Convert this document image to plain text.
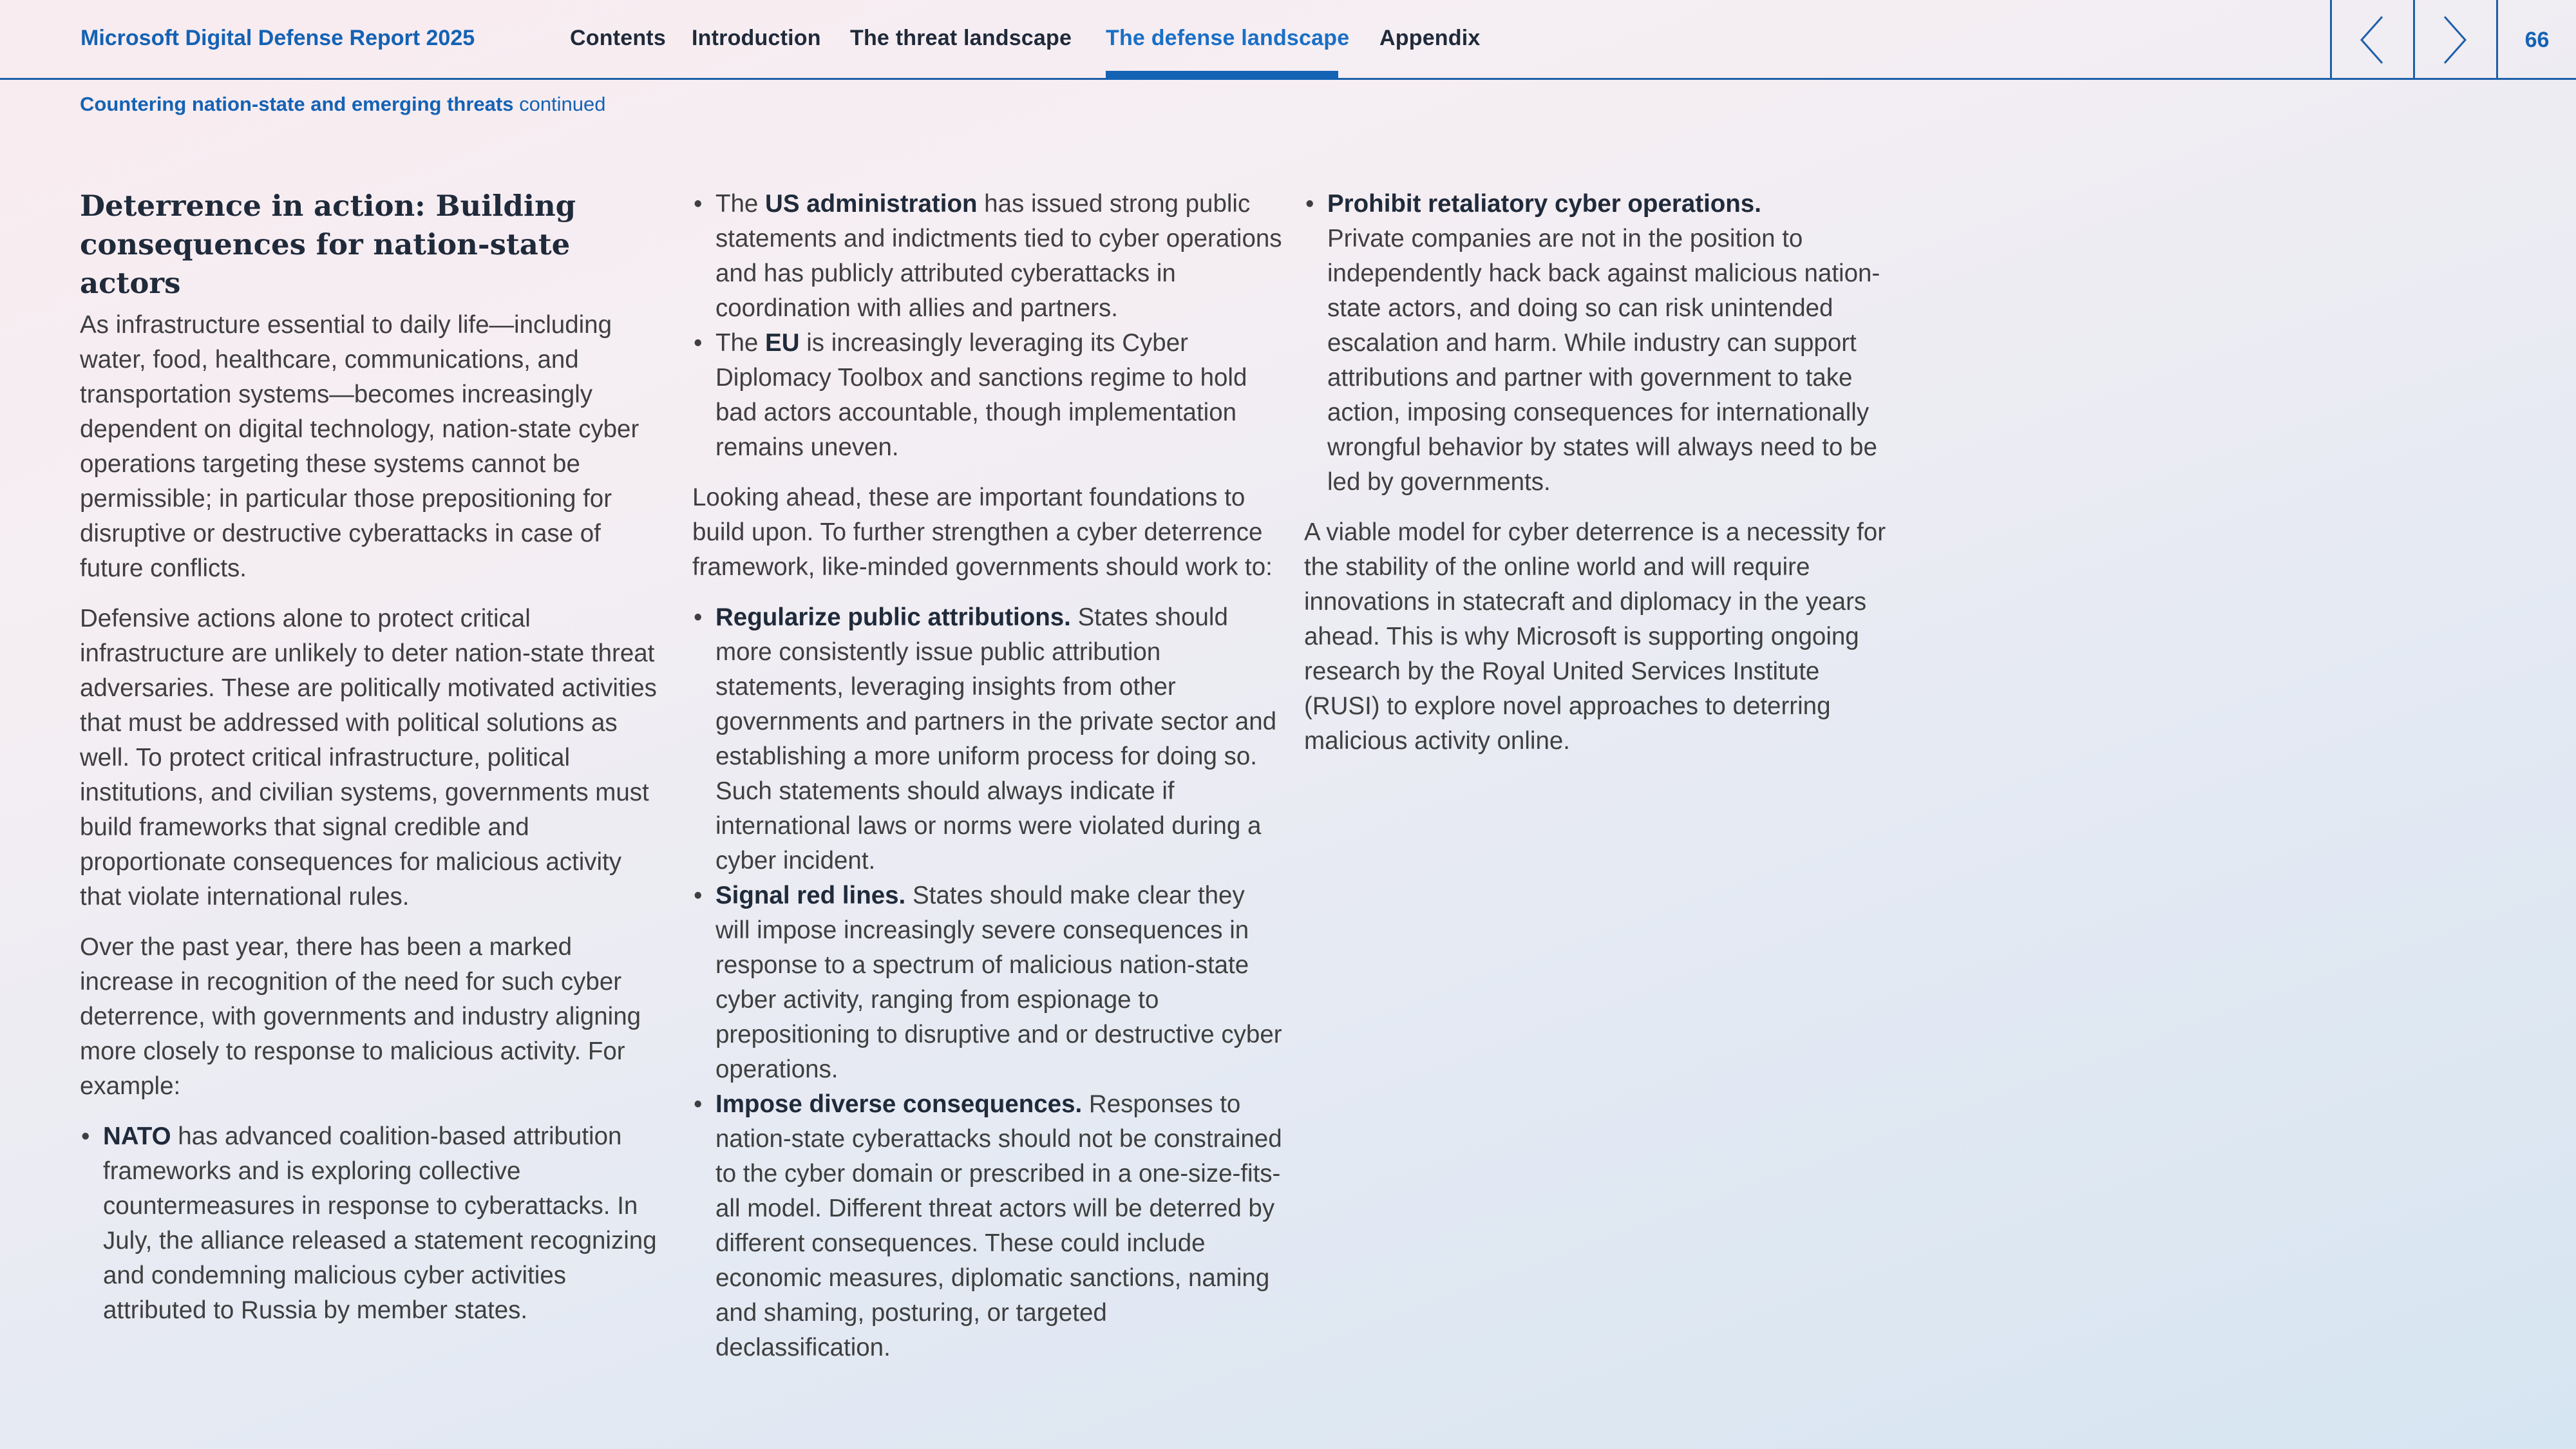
Microsoft Digital Defense Report 2025	Contents Introduction The threat landscape The defense landscape Appendix	66
Countering nation-state and emerging threats continued
Deterrence in action: Building consequences for nation-state actors

As infrastructure essential to daily life—including water, food, healthcare, communications, and transportation systems—becomes increasingly dependent on digital technology, nation-state cyber operations targeting these systems cannot be permissible; in particular those prepositioning for disruptive or destructive cyberattacks in case of future conflicts.

Defensive actions alone to protect critical infrastructure are unlikely to deter nation-state threat adversaries. These are politically motivated activities that must be addressed with political solutions as well. To protect critical infrastructure, political institutions, and civilian systems, governments must build frameworks that signal credible and proportionate consequences for malicious activity that violate international rules.

Over the past year, there has been a marked increase in recognition of the need for such cyber deterrence, with governments and industry aligning more closely to response to malicious activity. For example:

• NATO has advanced coalition-based attribution frameworks and is exploring collective countermeasures in response to cyberattacks. In July, the alliance released a statement recognizing and condemning malicious cyber activities attributed to Russia by member states.
• The US administration has issued strong public statements and indictments tied to cyber operations and has publicly attributed cyberattacks in coordination with allies and partners.
• The EU is increasingly leveraging its Cyber Diplomacy Toolbox and sanctions regime to hold bad actors accountable, though implementation remains uneven.

Looking ahead, these are important foundations to build upon. To further strengthen a cyber deterrence framework, like-minded governments should work to:

• Regularize public attributions. States should more consistently issue public attribution statements, leveraging insights from other governments and partners in the private sector and establishing a more uniform process for doing so. Such statements should always indicate if international laws or norms were violated during a cyber incident.
• Signal red lines. States should make clear they will impose increasingly severe consequences in response to a spectrum of malicious nation-state cyber activity, ranging from espionage to prepositioning to disruptive and or destructive cyber operations.
• Impose diverse consequences. Responses to nation-state cyberattacks should not be constrained to the cyber domain or prescribed in a one-size-fits-all model. Different threat actors will be deterred by different consequences. These could include economic measures, diplomatic sanctions, naming and shaming, posturing, or targeted declassification.
• Prohibit retaliatory cyber operations.
Private companies are not in the position to independently hack back against malicious nation-state actors, and doing so can risk unintended escalation and harm. While industry can support attributions and partner with government to take action, imposing consequences for internationally wrongful behavior by states will always need to be led by governments.

A viable model for cyber deterrence is a necessity for the stability of the online world and will require innovations in statecraft and diplomacy in the years ahead. This is why Microsoft is supporting ongoing research by the Royal United Services Institute (RUSI) to explore novel approaches to deterring malicious activity online.
